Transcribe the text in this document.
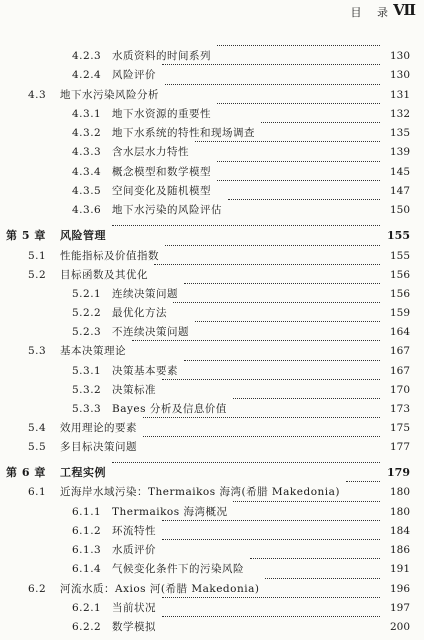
目 录 Ⅶ
4.2.3 水质资料的时间系列	130
4.2.4 风险评价	130
4.3 地下水污染风险分析	131
4.3.1 地下水资源的重要性	132
4.3.2 地下水系统的特性和现场调查	135
4.3.3 含水层水力特性	139
4.3.4 概念模型和数学模型	145
4.3.5 空间变化及随机模型	147
4.3.6 地下水污染的风险评估	150
第 5 章 风险管理	155
5.1 性能指标及价值指数	155
5.2 目标函数及其优化	156
5.2.1 连续决策问题	156
5.2.2 最优化方法	159
5.2.3 不连续决策问题	164
5.3 基本决策理论	167
5.3.1 决策基本要素	167
5.3.2 决策标准	170
5.3.3 Bayes 分析及信息价值	173
5.4 效用理论的要素	175
5.5 多目标决策问题	177
第 6 章 工程实例	179
6.1 近海岸水域污染：Thermaikos 海湾(希腊 Makedonia)	180
6.1.1 Thermaikos 海湾概况	180
6.1.2 环流特性	184
6.1.3 水质评价	186
6.1.4 气候变化条件下的污染风险	191
6.2 河流水质：Axios 河(希腊 Makedonia)	196
6.2.1 当前状况	197
6.2.2 数学模拟	200
